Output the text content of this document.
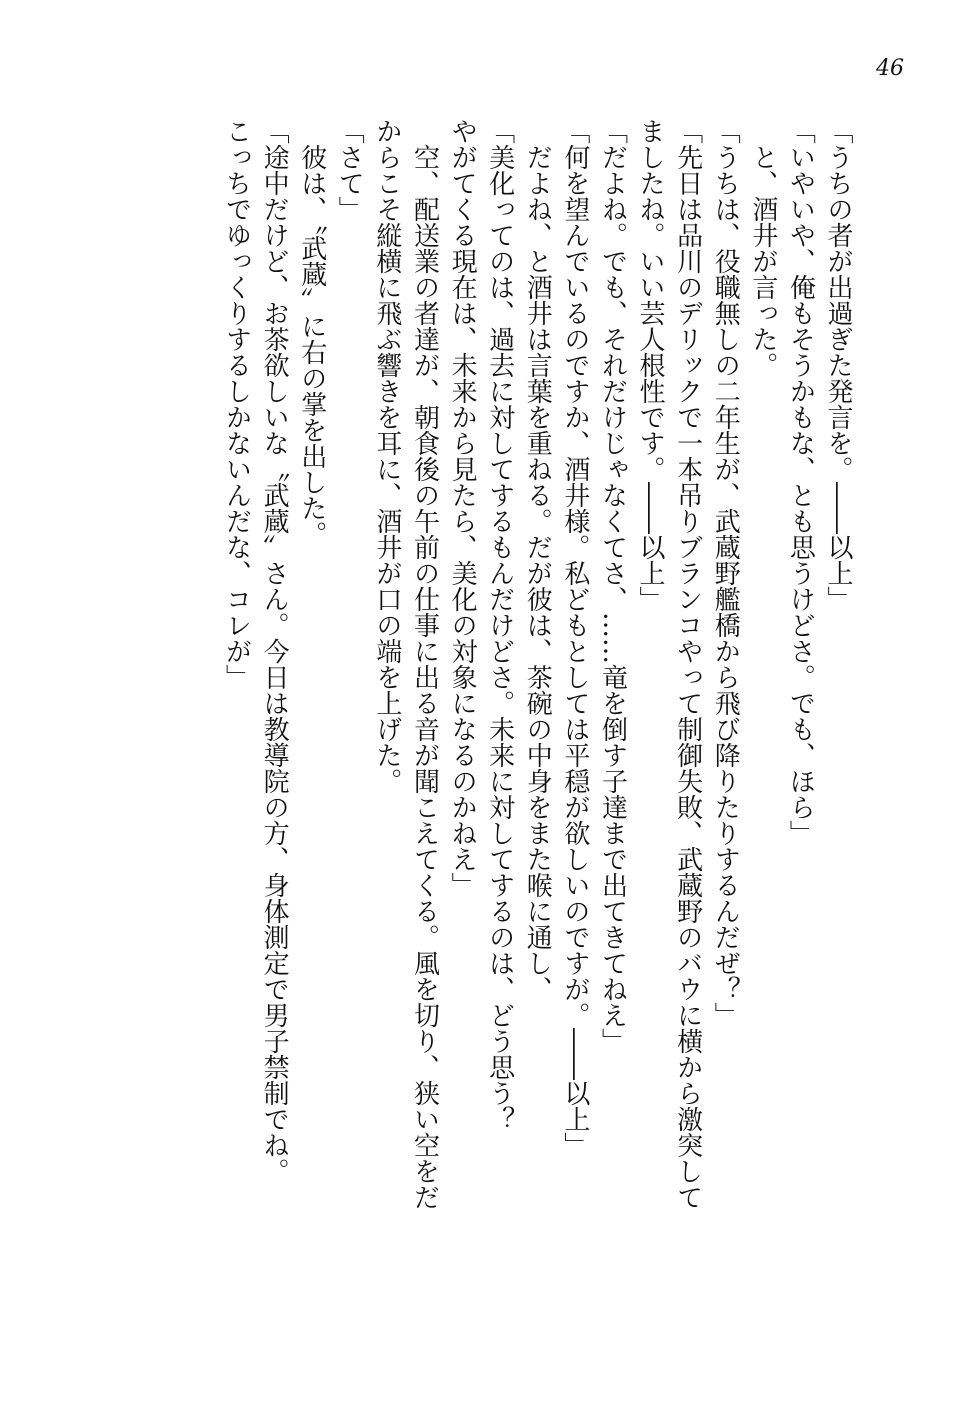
46

「うちの者が出過ぎた発言を。――以上」

「いやいや、俺もそうかもな、とも思うけどさ。でも、ほら」

　と、酒井が言った。

「うちは、役職無しの二年生が、武蔵野艦橋から飛び降りたりするんだぜ？」

「先日は品川のデリックで一本吊りブランコやって制御失敗、武蔵野のバウに横から激突して

ましたね。いい芸人根性です。――以上」

「だよね。でも、それだけじゃなくてさ、……竜を倒す子達まで出てきてねえ」

「何を望んでいるのですか、酒井様。私どもとしては平穏が欲しいのですが。――以上」

　だよね、と酒井は言葉を重ねる。だが彼は、茶碗の中身をまた喉に通し、

「美化ってのは、過去に対してするもんだけどさ。未来に対してするのは、どう思う？

やがてくる現在は、未来から見たら、美化の対象になるのかねえ」

　空、配送業の者達が、朝食後の午前の仕事に出る音が聞こえてくる。風を切り、狭い空をだ

からこそ縦横に飛ぶ響きを耳に、酒井が口の端を上げた。

「さて」

　彼は、〝武蔵〟に右の掌を出した。

「途中だけど、お茶欲しいな〝武蔵〟さん。今日は教導院の方、身体測定で男子禁制でね。

こっちでゆっくりするしかないんだな、コレが」
